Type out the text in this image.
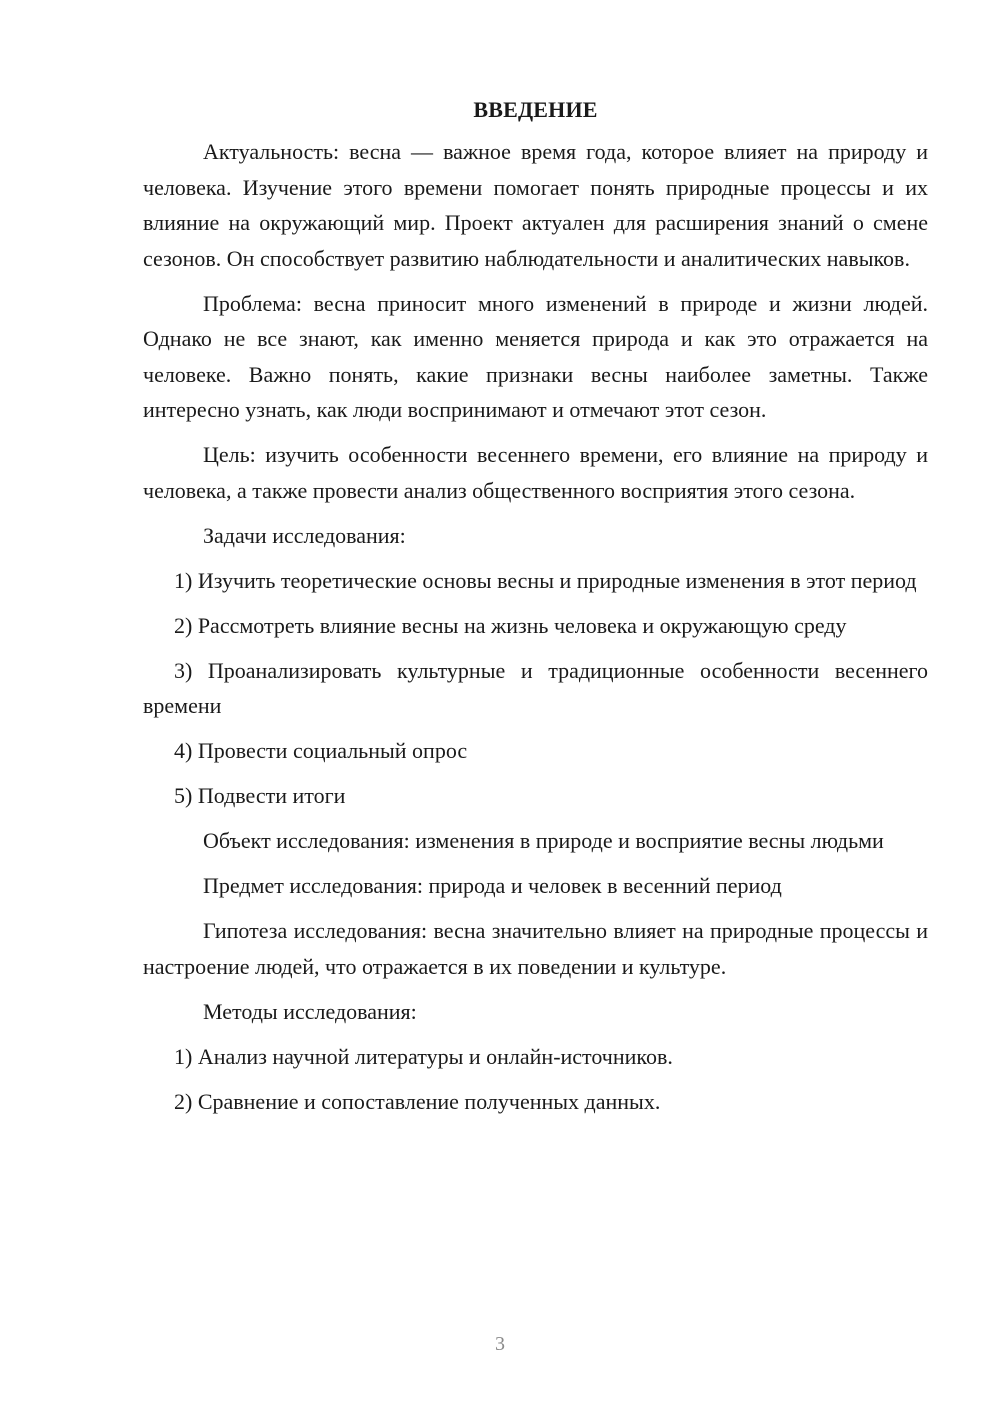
ВВЕДЕНИЕ

Актуальность: весна — важное время года, которое влияет на природу и человека. Изучение этого времени помогает понять природные процессы и их влияние на окружающий мир. Проект актуален для расширения знаний о смене сезонов. Он способствует развитию наблюдательности и аналитических навыков.

Проблема: весна приносит много изменений в природе и жизни людей. Однако не все знают, как именно меняется природа и как это отражается на человеке. Важно понять, какие признаки весны наиболее заметны. Также интересно узнать, как люди воспринимают и отмечают этот сезон.

Цель: изучить особенности весеннего времени, его влияние на природу и человека, а также провести анализ общественного восприятия этого сезона.

Задачи исследования:

1) Изучить теоретические основы весны и природные изменения в этот период

2) Рассмотреть влияние весны на жизнь человека и окружающую среду

3) Проанализировать культурные и традиционные особенности весеннего времени

4) Провести социальный опрос

5) Подвести итоги

Объект исследования: изменения в природе и восприятие весны людьми

Предмет исследования: природа и человек в весенний период

Гипотеза исследования: весна значительно влияет на природные процессы и настроение людей, что отражается в их поведении и культуре.

Методы исследования:

1) Анализ научной литературы и онлайн-источников.

2) Сравнение и сопоставление полученных данных.

3
